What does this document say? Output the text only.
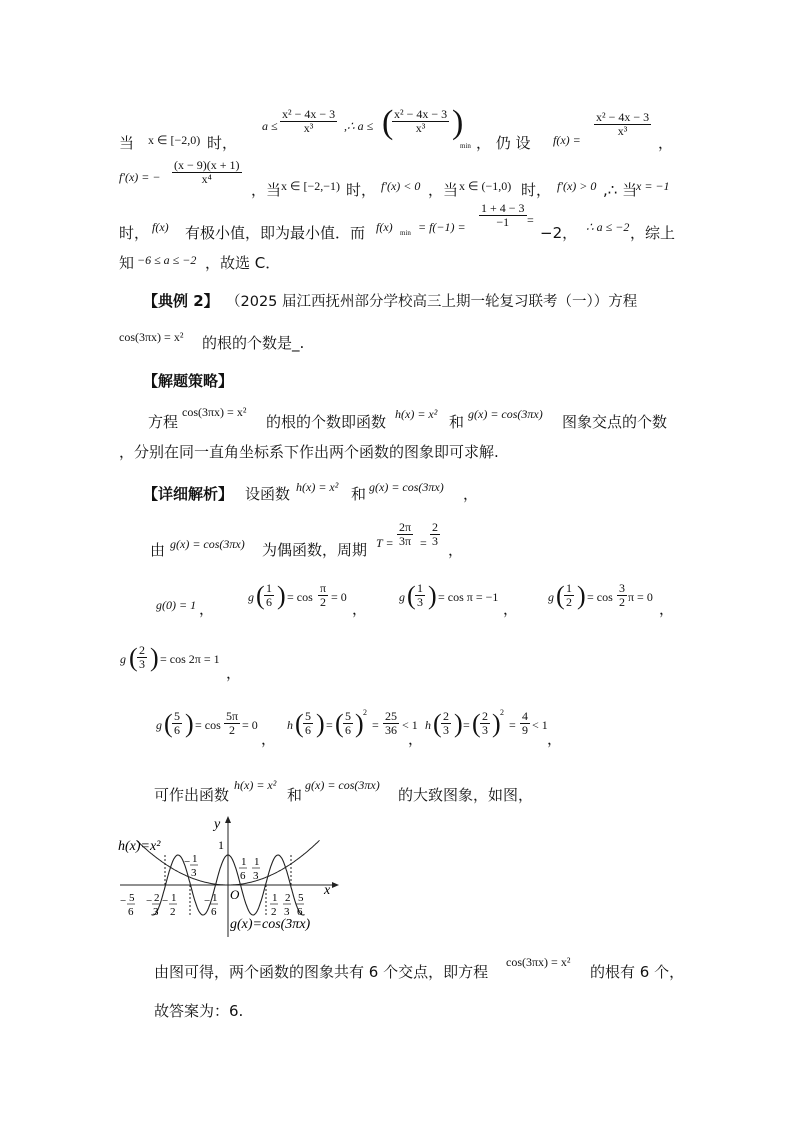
当 x ∈ [−2,0) 时，
$a \le \frac{\text{x² − 4x − 3}}{\text{x³}}$ ,∴ a ≤ (
$\frac{\text{x² − 4x − 3}}{\text{x³}}$ )
min ， 仍 设 f(x) =
$\frac{\text{x² − 4x − 3}}{\text{x³}}$
，
f′(x) = − $\frac{(x - 9)(x + 1)}{\text{x⁴}}$
，当 x ∈ [−2,−1) 时， f′(x) < 0 ，当 x ∈ (−1,0) 时， f′(x) > 0 ,∴ 当
x = −1
时， f(x) 有极小值，即为最小值．而 f(x) $\min = f(-1) = \frac{1 + 4 - 3}{-1}$ =
−2， ∴ a ≤ −2 ，综上
知 −6 ≤ a ≤ −2 ，故选 C．
【典例 2】 （2025 届江西抚州部分学校高三上期一轮复习联考（一））方程
cos(3πx) = x² 的根的个数是_.
【解题策略】
方程
cos(3πx) = x²
的根的个数即函数 h(x) = x² 和 g(x) = cos(3πx) 图象交点的个数
，分别在同一直角坐标系下作出两个函数的图象即可求解.
【详细解析】 设函数 h(x) = x² 和 g(x) = cos(3πx) ，
由 g(x) = cos(3πx) 为偶函数，周期 $T = \frac{2\pi}{3\pi} = \frac{2}{3}$
，
g(0) = 1 ，
g ( $\frac{1}{6}$ ) = $\cos \frac{\pi}{2} = 0$
，
g ( $\frac{1}{3}$ ) = cos π = −1
，
g ( $\frac{1}{2}$ ) = $\cos \frac{3}{2}$ π = 0
，
g ( $\frac{2}{3}$ ) = cos 2π = 1
，
g ( $\frac{5}{6}$ ) = $\cos \frac{5\pi}{2} = 0$
，
h ( $\frac{5}{6}$ ) = ( $\frac{5}{6}$ ) 2
= $\frac{25}{36} < 1$
，
h ( $\frac{2}{3}$ ) = ( $\frac{2}{3}$ ) 2
= $\frac{4}{9} < 1$
，
可作出函数
h(x) = x²
和
g(x) = cos(3πx)
的大致图象，如图，
y
x
O
1
h(x)=x²
g(x)=cos(3πx)
− 1
3
1
6
1
3
− 5
6
− 2
3
− 1
2
− 1
6
1
2
2
3
5
6
由图可得，两个函数的图象共有 6 个交点，即方程
cos(3πx) = x²
的根有 6 个，
故答案为：6.
